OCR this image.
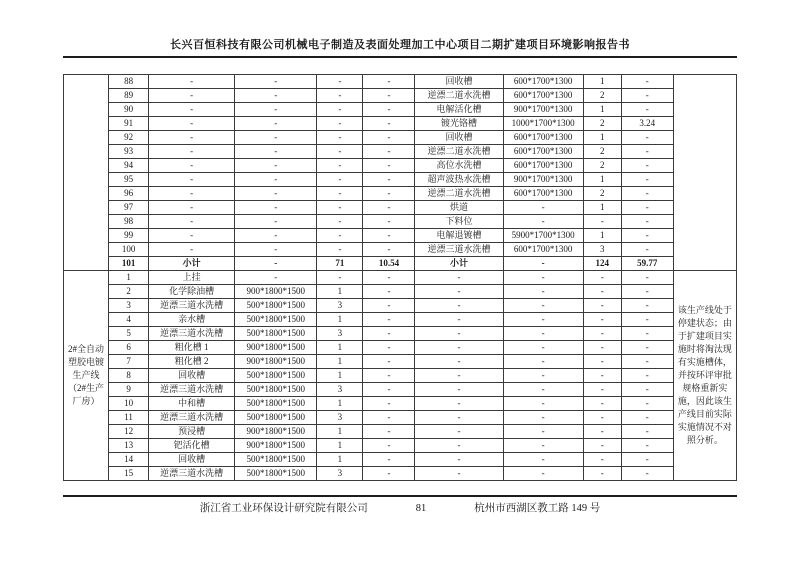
长兴百恒科技有限公司机械电子制造及表面处理加工中心项目二期扩建项目环境影响报告书
	88	-	-	-	-	回收槽	600*1700*1300	1	-	
	89	-	-	-	-	逆漂二道水洗槽	600*1700*1300	2	-	
	90	-	-	-	-	电解活化槽	900*1700*1300	1	-	
	91	-	-	-	-	镀光铬槽	1000*1700*1300	2	3.24	
	92	-	-	-	-	回收槽	600*1700*1300	1	-	
	93	-	-	-	-	逆漂二道水洗槽	600*1700*1300	2	-	
	94	-	-	-	-	高位水洗槽	600*1700*1300	2	-	
	95	-	-	-	-	超声波热水洗槽	900*1700*1300	1	-	
	96	-	-	-	-	逆漂二道水洗槽	600*1700*1300	2	-	
	97	-	-	-	-	烘道	-	1	-	
	98	-	-	-	-	下料位	-	-	-	
	99	-	-	-	-	电解退镀槽	5900*1700*1300	1	-	
	100	-	-	-	-	逆漂三道水洗槽	600*1700*1300	3	-	
	101	小计	-	71	10.54	小计	-	124	59.77	
2#全自动塑胶电镀生产线（2#生产厂房）	1	上挂	-	-	-	-	-	-	-	该生产线处于停建状态；由于扩建项目实施时将淘汰现有实施槽体，并按环评审批规格重新实施，因此该生产线目前实际实施情况不对照分析。
	2	化学除油槽	900*1800*1500	1	-	-	-	-	-	
	3	逆漂三道水洗槽	500*1800*1500	3	-	-	-	-	-	
	4	亲水槽	500*1800*1500	1	-	-	-	-	-	
	5	逆漂三道水洗槽	500*1800*1500	3	-	-	-	-	-	
	6	粗化槽 1	900*1800*1500	1	-	-	-	-	-	
	7	粗化槽 2	900*1800*1500	1	-	-	-	-	-	
	8	回收槽	500*1800*1500	1	-	-	-	-	-	
	9	逆漂三道水洗槽	500*1800*1500	3	-	-	-	-	-	
	10	中和槽	500*1800*1500	1	-	-	-	-	-	
	11	逆漂三道水洗槽	500*1800*1500	3	-	-	-	-	-	
	12	预浸槽	900*1800*1500	1	-	-	-	-	-	
	13	钯活化槽	900*1800*1500	1	-	-	-	-	-	
	14	回收槽	500*1800*1500	1	-	-	-	-	-	
	15	逆漂三道水洗槽	500*1800*1500	3	-	-	-	-	-	
浙江省工业环保设计研究院有限公司	81	杭州市西湖区教工路 149 号
